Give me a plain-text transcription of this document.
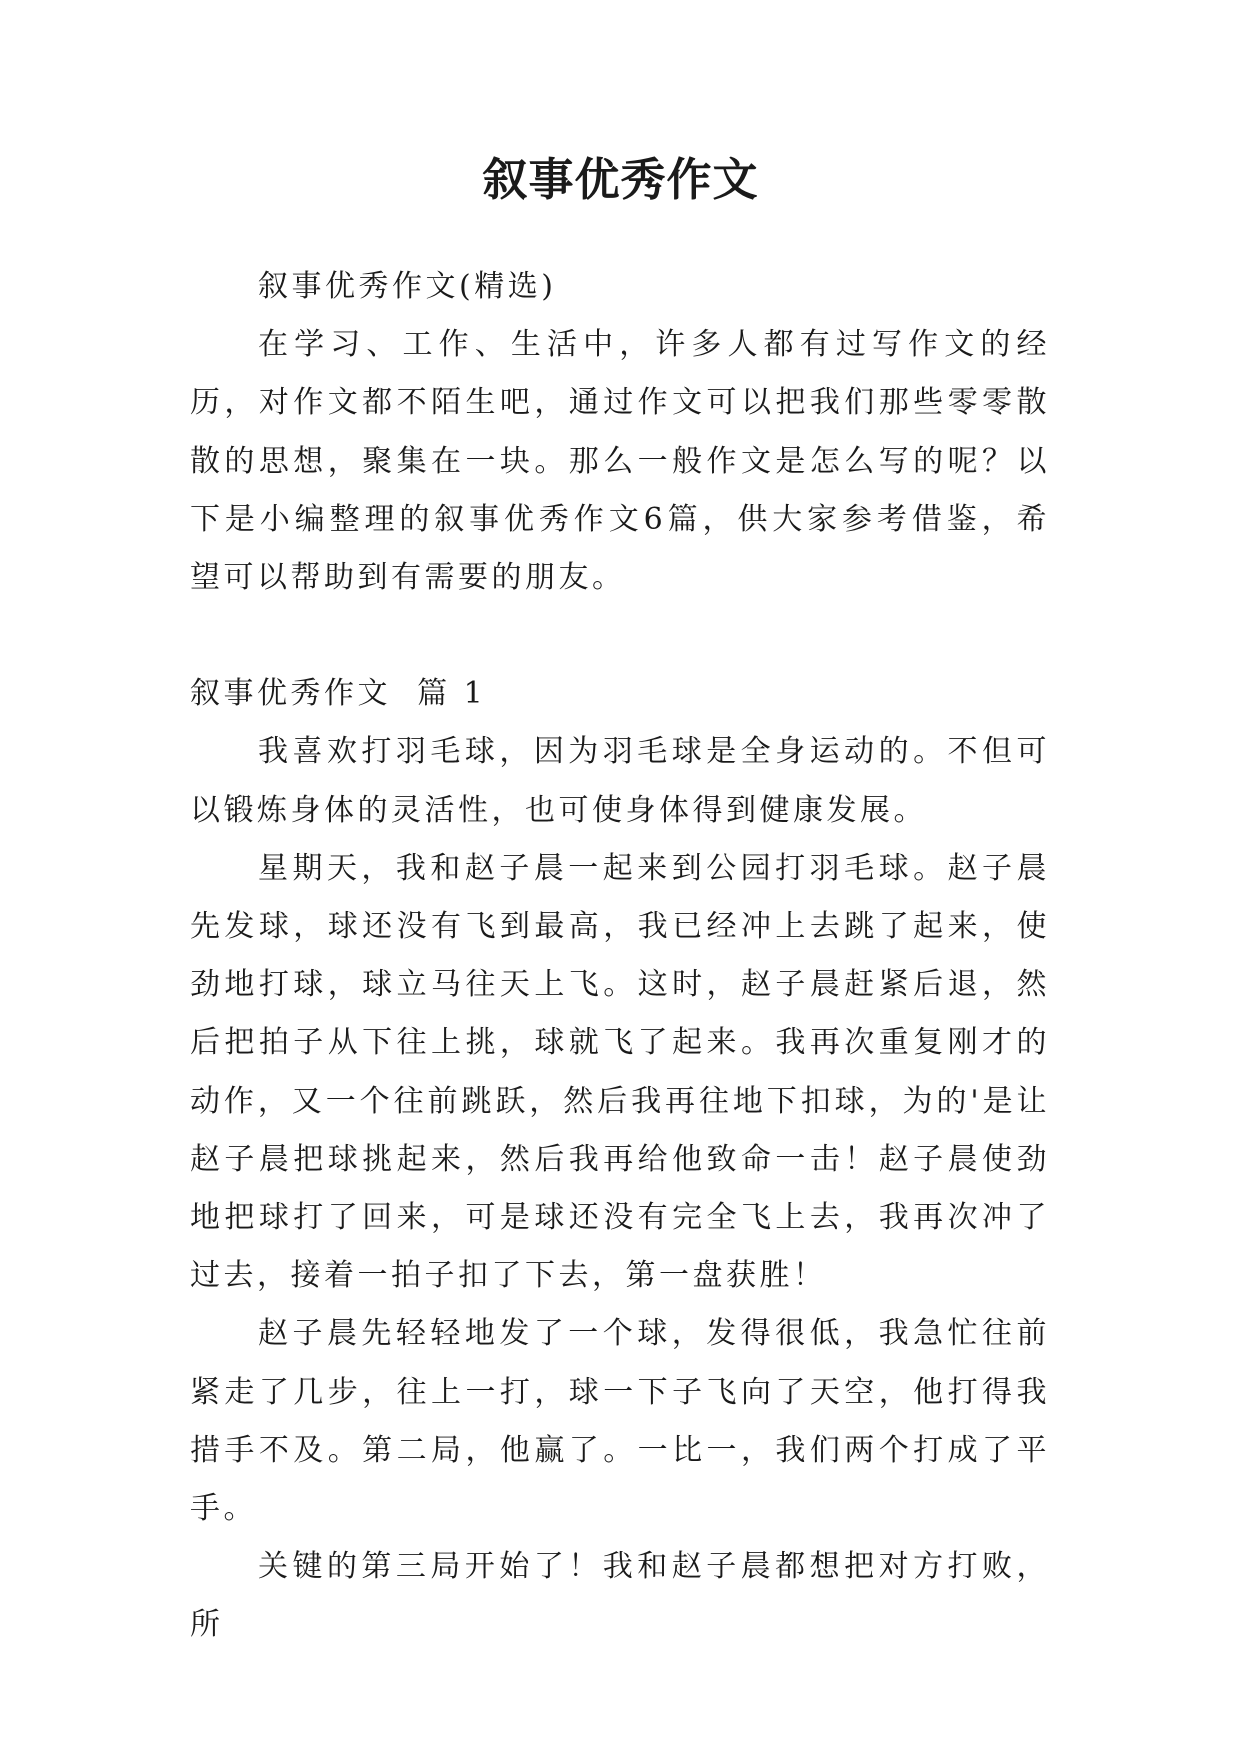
叙事优秀作文

叙事优秀作文(精选)

在学习、工作、生活中，许多人都有过写作文的经历，对作文都不陌生吧，通过作文可以把我们那些零零散散的思想，聚集在一块。那么一般作文是怎么写的呢？以下是小编整理的叙事优秀作文6篇，供大家参考借鉴，希望可以帮助到有需要的朋友。

叙事优秀作文  篇 1

我喜欢打羽毛球，因为羽毛球是全身运动的。不但可以锻炼身体的灵活性，也可使身体得到健康发展。

星期天，我和赵子晨一起来到公园打羽毛球。赵子晨先发球，球还没有飞到最高，我已经冲上去跳了起来，使劲地打球，球立马往天上飞。这时，赵子晨赶紧后退，然后把拍子从下往上挑，球就飞了起来。我再次重复刚才的动作，又一个往前跳跃，然后我再往地下扣球，为的'是让赵子晨把球挑起来，然后我再给他致命一击！赵子晨使劲地把球打了回来，可是球还没有完全飞上去，我再次冲了过去，接着一拍子扣了下去，第一盘获胜！

赵子晨先轻轻地发了一个球，发得很低，我急忙往前紧走了几步，往上一打，球一下子飞向了天空，他打得我措手不及。第二局，他赢了。一比一，我们两个打成了平手。

关键的第三局开始了！我和赵子晨都想把对方打败，所
